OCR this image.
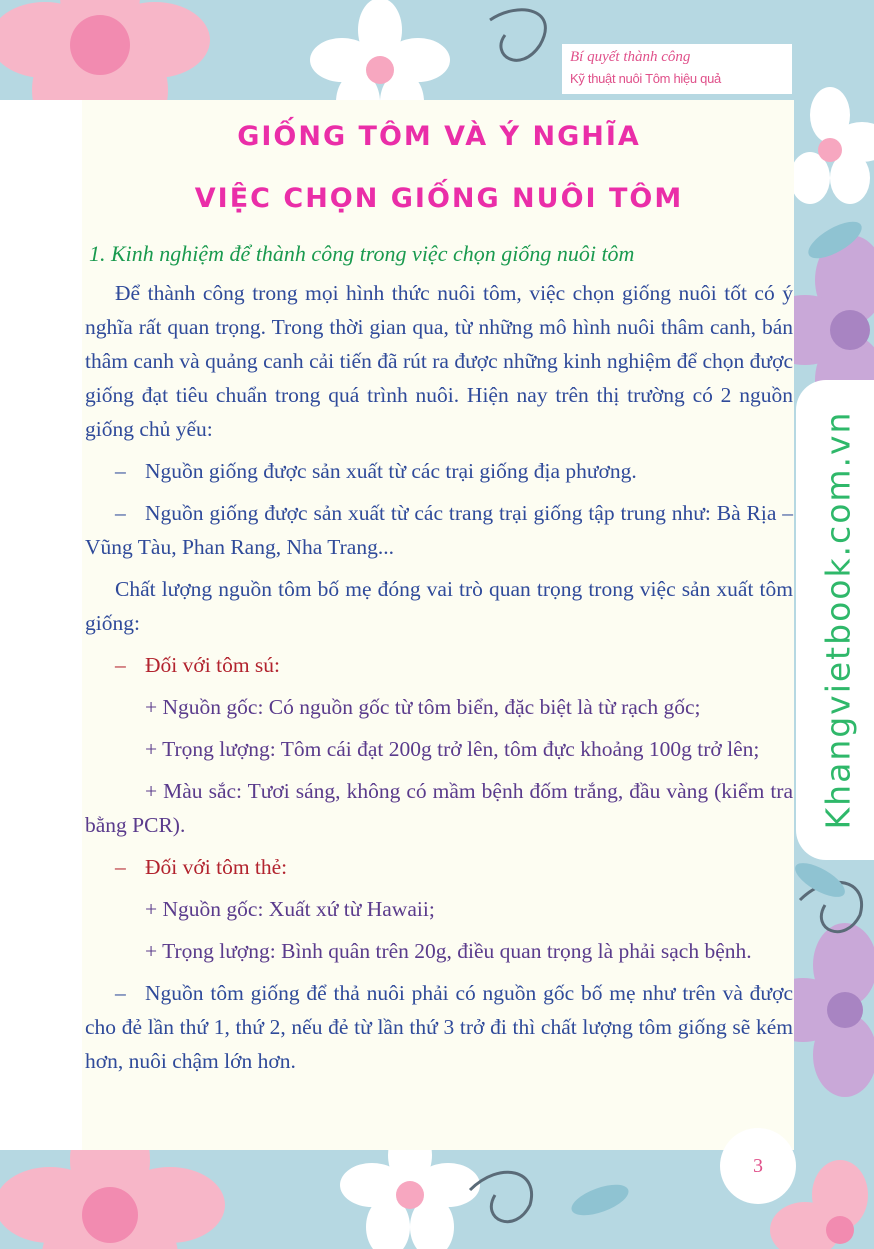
Bí quyết thành công
Kỹ thuật nuôi Tôm hiệu quả
Khangvietbook.com.vn
GIỐNG TÔM VÀ Ý NGHĨA
VIỆC CHỌN GIỐNG NUÔI TÔM
1. Kinh nghiệm để thành công trong việc chọn giống nuôi tôm

Để thành công trong mọi hình thức nuôi tôm, việc chọn giống nuôi tốt có ý nghĩa rất quan trọng. Trong thời gian qua, từ những mô hình nuôi thâm canh, bán thâm canh và quảng canh cải tiến đã rút ra được những kinh nghiệm để chọn được giống đạt tiêu chuẩn trong quá trình nuôi. Hiện nay trên thị trường có 2 nguồn giống chủ yếu:

– Nguồn giống được sản xuất từ các trại giống địa phương.

– Nguồn giống được sản xuất từ các trang trại giống tập trung như: Bà Rịa – Vũng Tàu, Phan Rang, Nha Trang...

Chất lượng nguồn tôm bố mẹ đóng vai trò quan trọng trong việc sản xuất tôm giống:

– Đối với tôm sú:

+ Nguồn gốc: Có nguồn gốc từ tôm biển, đặc biệt là từ rạch gốc;

+ Trọng lượng: Tôm cái đạt 200g trở lên, tôm đực khoảng 100g trở lên;

+ Màu sắc: Tươi sáng, không có mầm bệnh đốm trắng, đầu vàng (kiểm tra bằng PCR).

– Đối với tôm thẻ:

+ Nguồn gốc: Xuất xứ từ Hawaii;

+ Trọng lượng: Bình quân trên 20g, điều quan trọng là phải sạch bệnh.

– Nguồn tôm giống để thả nuôi phải có nguồn gốc bố mẹ như trên và được cho đẻ lần thứ 1, thứ 2, nếu đẻ từ lần thứ 3 trở đi thì chất lượng tôm giống sẽ kém hơn, nuôi chậm lớn hơn.

3
